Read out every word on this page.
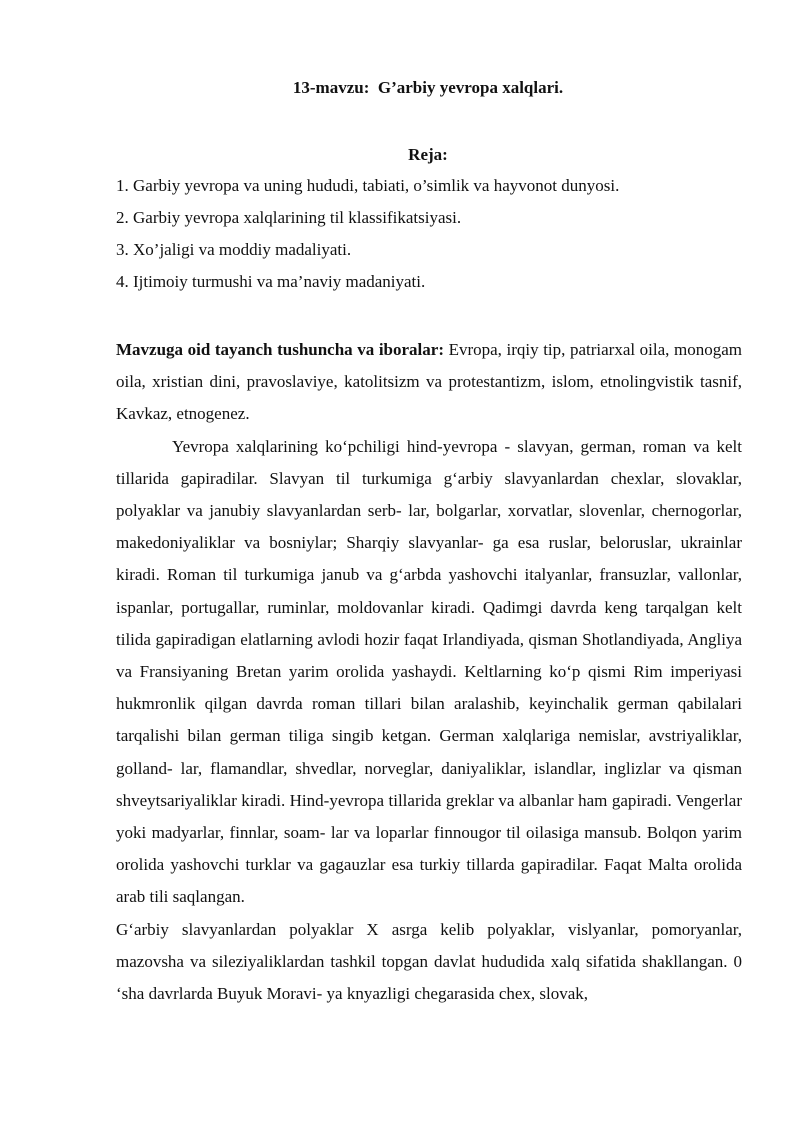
13-mavzu:  G’arbiy yevropa xalqlari.
Reja:
1. Garbiy yevropa va uning hududi, tabiati, o’simlik va hayvonot dunyosi.
2. Garbiy yevropa xalqlarining til klassifikatsiyasi.
3. Xo’jaligi va moddiy madaliyati.
4. Ijtimoiy turmushi va ma’naviy madaniyati.

Mavzuga oid tayanch tushuncha va iboralar: Evropa, irqiy tip, patriarxal oila, monogam oila, xristian dini, pravoslaviye, katolitsizm va protestantizm, islom, etnolingvistik tasnif, Kavkaz, etnogenez.

Yevropa xalqlarining ko‘pchiligi hind-yevropa - slavyan, german, roman va kelt tillarida gapiradilar. Slavyan til turkumiga g‘arbiy slavyanlardan chexlar, slovaklar, polyaklar va janubiy slavyanlardan serb- lar, bolgarlar, xorvatlar, slovenlar, chernogorlar, makedoniyaliklar va bosniylar; Sharqiy slavyanlar- ga esa ruslar, beloruslar, ukrainlar kiradi. Roman til turkumiga janub va g‘arbda yashovchi italyanlar, fransuzlar, vallonlar, ispanlar, portugallar, ruminlar, moldovanlar kiradi. Qadimgi davrda keng tarqalgan kelt tilida gapiradigan elatlarning avlodi hozir faqat Irlandiyada, qisman Shotlandiyada, Angliya va Fransiyaning Bretan yarim orolida yashaydi. Keltlarning ko‘p qismi Rim imperiyasi hukmronlik qilgan davrda roman tillari bilan aralashib, keyinchalik german qabilalari tarqalishi bilan german tiliga singib ketgan. German xalqlariga nemislar, avstriyaliklar, golland- lar, flamandlar, shvedlar, norveglar, daniyaliklar, islandlar, inglizlar va qisman shveytsariyaliklar kiradi. Hind-yevropa tillarida greklar va albanlar ham gapiradi. Vengerlar yoki madyarlar, finnlar, soam- lar va loparlar finnougor til oilasiga mansub. Bolqon yarim orolida yashovchi turklar va gagauzlar esa turkiy tillarda gapiradilar. Faqat Malta orolida arab tili saqlangan.

G‘arbiy slavyanlardan polyaklar X asrga kelib polyaklar, vislyanlar, pomoryanlar, mazovsha va sileziyaliklardan tashkil topgan davlat hududida xalq sifatida shakllangan. 0 ‘sha davrlarda Buyuk Moravi- ya knyazligi chegarasida chex, slovak,
